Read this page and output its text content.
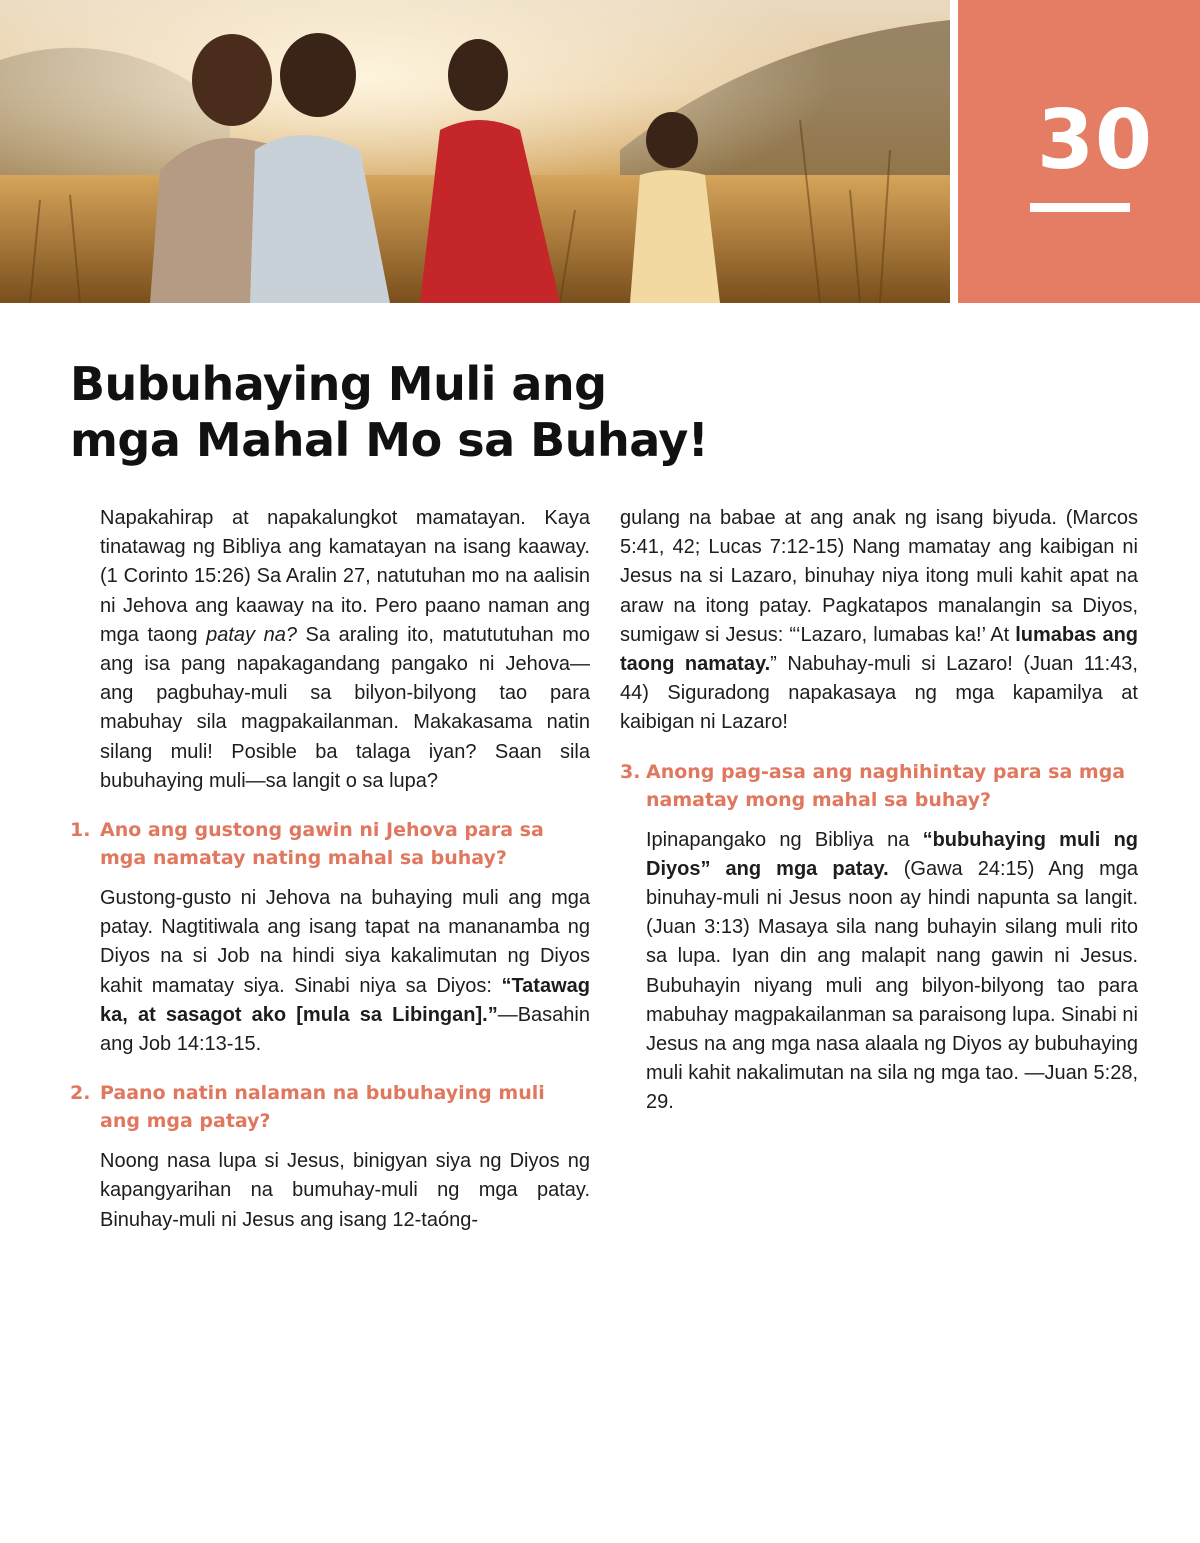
30
Bubuhaying Muli ang
mga Mahal Mo sa Buhay!

Napakahirap at napakalungkot mamatayan. Kaya tinatawag ng Bibliya ang kamatayan na isang kaaway. (1 Corinto 15:26) Sa Aralin 27, natutuhan mo na aalisin ni Jehova ang kaaway na ito. Pero paano naman ang mga taong patay na? Sa araling ito, matututuhan mo ang isa pang napakagandang pangako ni Jehova—ang pagbuhay-muli sa bilyon-bilyong tao para mabuhay sila magpakailanman. Makakasama natin silang muli! Posible ba talaga iyan? Saan sila bubuhaying muli—sa langit o sa lupa?

1. Ano ang gustong gawin ni Jehova para sa mga namatay nating mahal sa buhay?

Gustong-gusto ni Jehova na buhaying muli ang mga patay. Nagtitiwala ang isang tapat na mananamba ng Diyos na si Job na hindi siya kakalimutan ng Diyos kahit mamatay siya. Sinabi niya sa Diyos: “Tatawag ka, at sasagot ako [mula sa Libingan].”—Basahin ang Job 14:13-15.

2. Paano natin nalaman na bubuhaying muli ang mga patay?

Noong nasa lupa si Jesus, binigyan siya ng Diyos ng kapangyarihan na bumuhay-muli ng mga patay. Binuhay-muli ni Jesus ang isang 12-taóng-

gulang na babae at ang anak ng isang biyuda. (Marcos 5:41, 42; Lucas 7:12-15) Nang mamatay ang kaibigan ni Jesus na si Lazaro, binuhay niya itong muli kahit apat na araw na itong patay. Pagkatapos manalangin sa Diyos, sumigaw si Jesus: “‘Lazaro, lumabas ka!’ At lumabas ang taong namatay.” Nabuhay-muli si Lazaro! (Juan 11:43, 44) Siguradong napakasaya ng mga kapamilya at kaibigan ni Lazaro!

3. Anong pag-asa ang naghihintay para sa mga namatay mong mahal sa buhay?

Ipinapangako ng Bibliya na “bubuhaying muli ng Diyos” ang mga patay. (Gawa 24:15) Ang mga binuhay-muli ni Jesus noon ay hindi napunta sa langit. (Juan 3:13) Masaya sila nang buhayin silang muli rito sa lupa. Iyan din ang malapit nang gawin ni Jesus. Bubuhayin niyang muli ang bilyon-bilyong tao para mabuhay magpakailanman sa paraisong lupa. Sinabi ni Jesus na ang mga nasa alaala ng Diyos ay bubuhaying muli kahit nakalimutan na sila ng mga tao. —Juan 5:28, 29.
